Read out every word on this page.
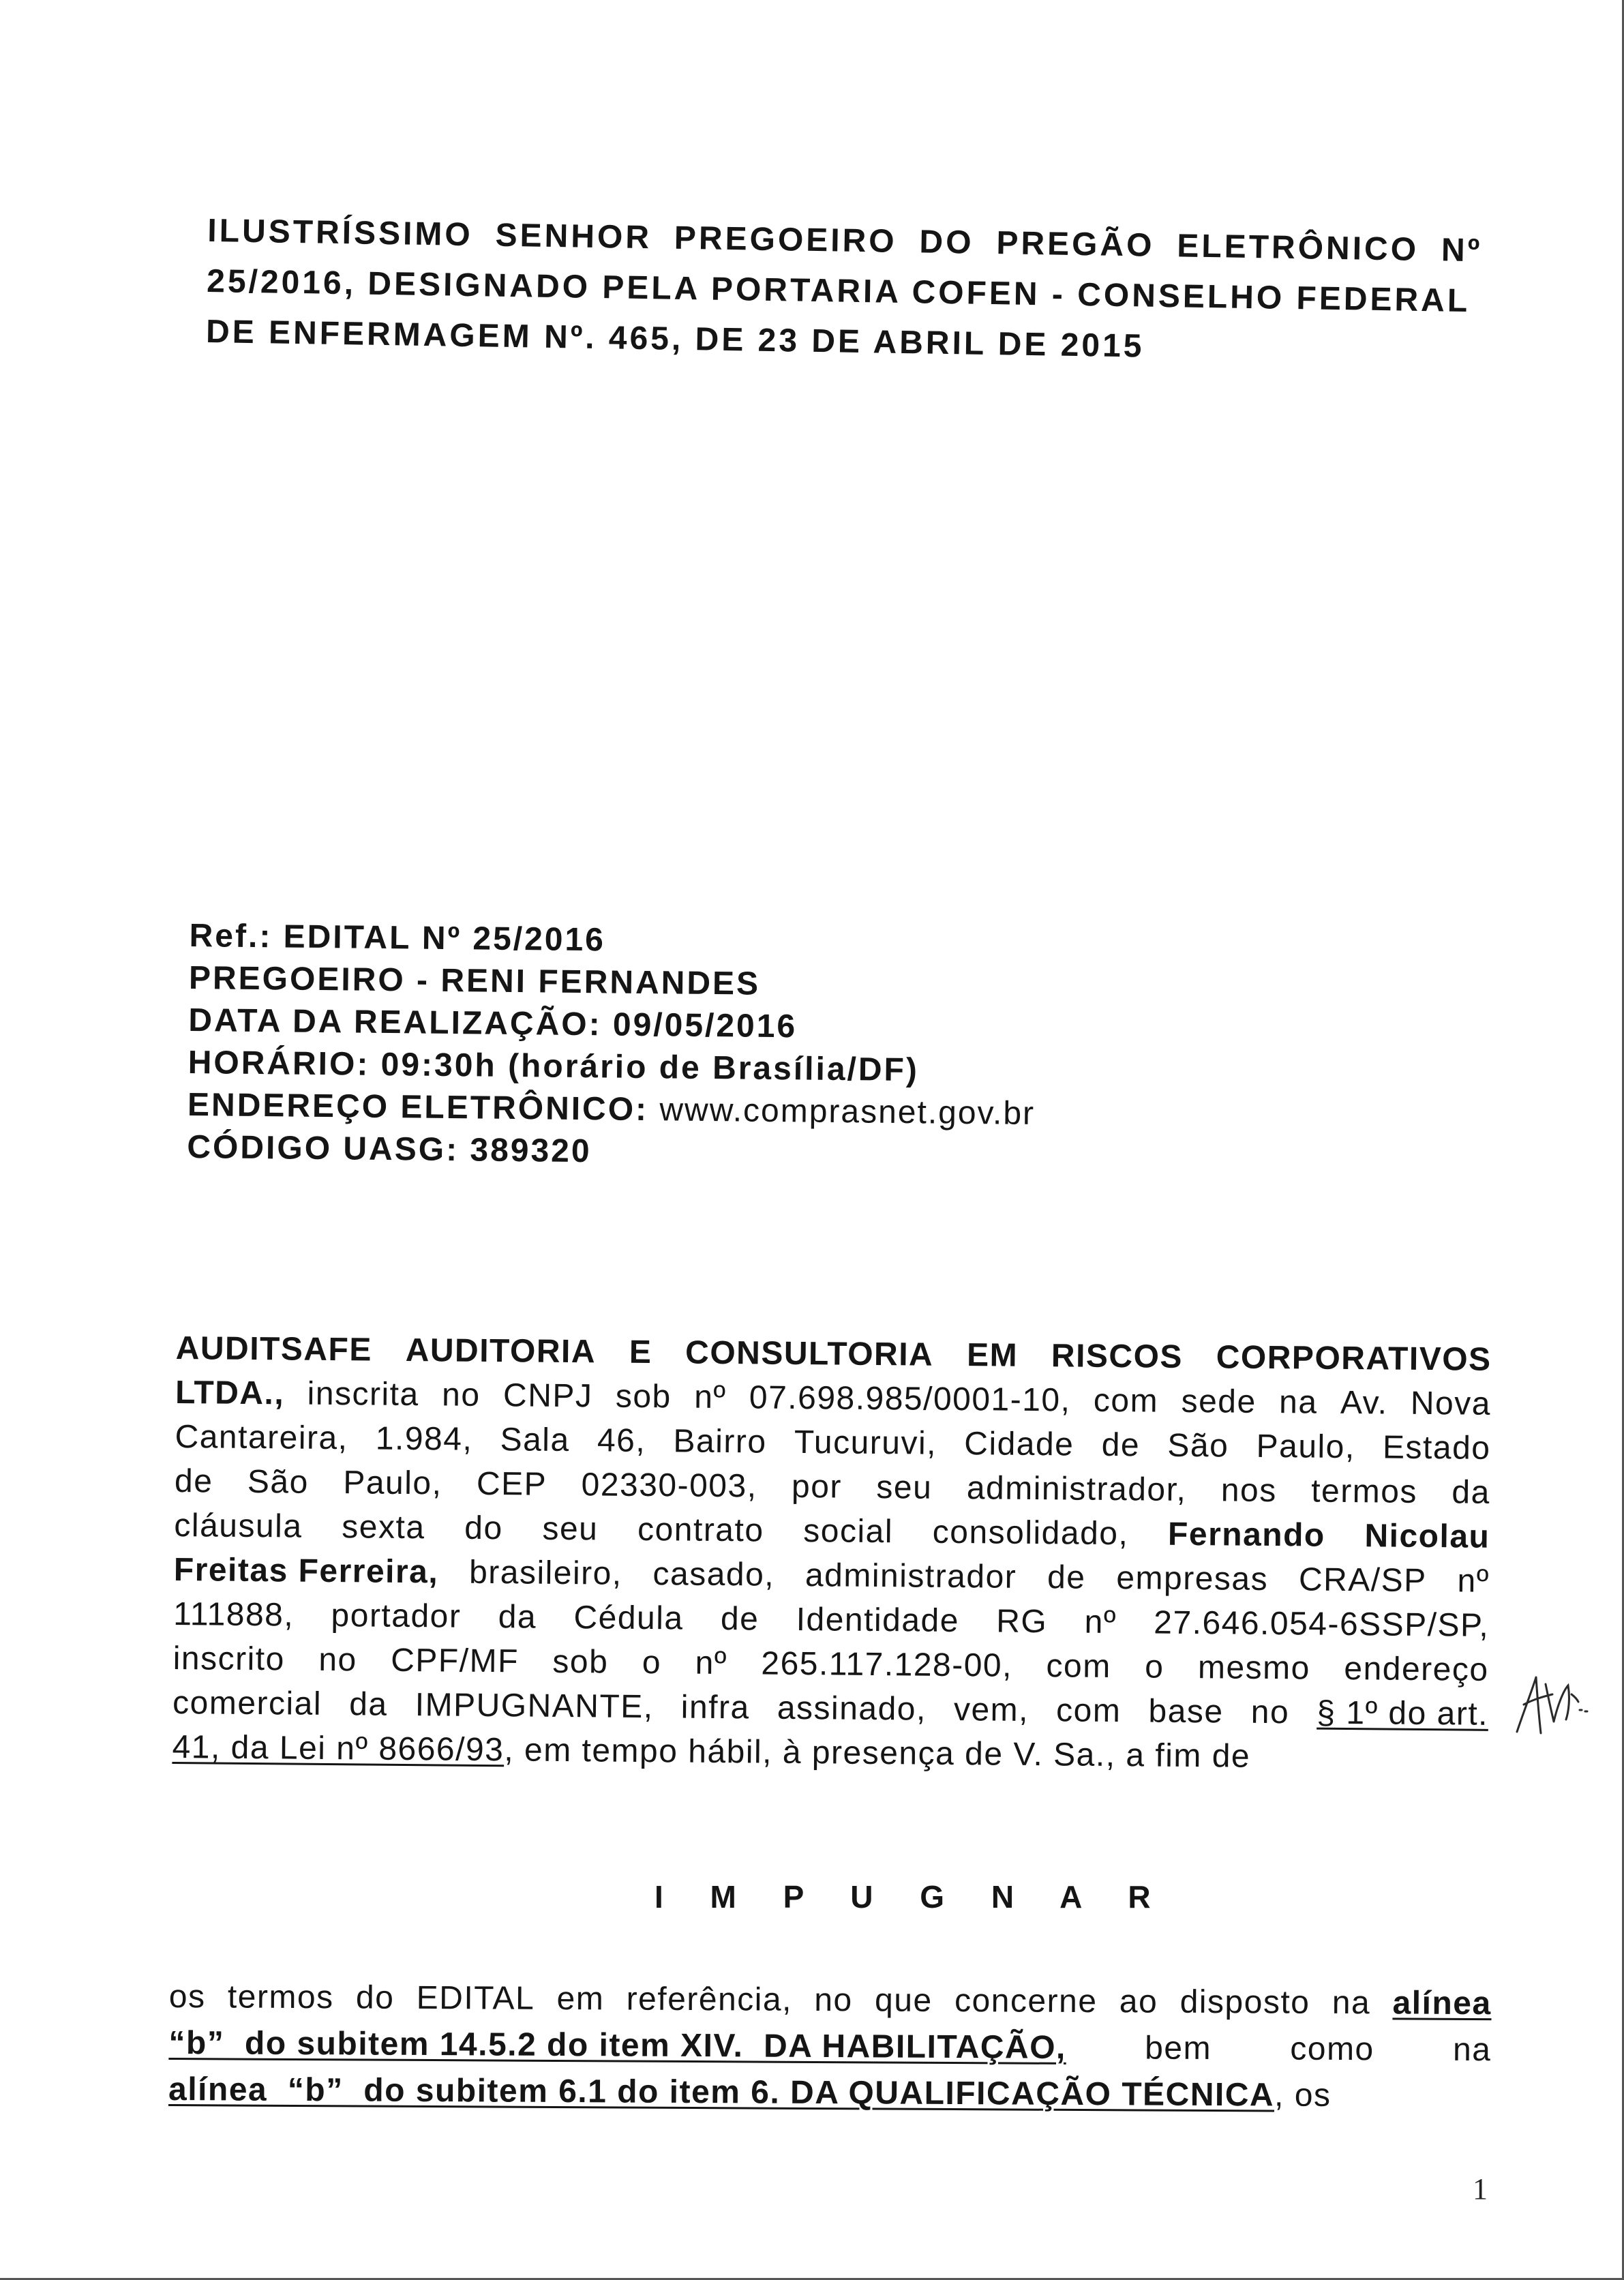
ILUSTRÍSSIMO SENHOR PREGOEIRO DO PREGÃO ELETRÔNICO Nº
25/2016, DESIGNADO PELA PORTARIA COFEN - CONSELHO FEDERAL
DE ENFERMAGEM Nº. 465, DE 23 DE ABRIL DE 2015
Ref.: EDITAL Nº 25/2016
PREGOEIRO - RENI FERNANDES
DATA DA REALIZAÇÃO: 09/05/2016
HORÁRIO: 09:30h (horário de Brasília/DF)
ENDEREÇO ELETRÔNICO: www.comprasnet.gov.br
CÓDIGO UASG: 389320
AUDITSAFE AUDITORIA E CONSULTORIA EM RISCOS CORPORATIVOS
LTDA., inscrita no CNPJ sob nº 07.698.985/0001-10, com sede na Av. Nova
Cantareira, 1.984, Sala 46, Bairro Tucuruvi, Cidade de São Paulo, Estado
de São Paulo, CEP 02330-003, por seu administrador, nos termos da
cláusula sexta do seu contrato social consolidado, Fernando Nicolau
Freitas Ferreira, brasileiro, casado, administrador de empresas CRA/SP nº
111888, portador da Cédula de Identidade RG nº 27.646.054-6SSP/SP,
inscrito no CPF/MF sob o nº 265.117.128-00, com o mesmo endereço
comercial da IMPUGNANTE, infra assinado, vem, com base no § 1º do art.
41, da Lei nº 8666/93, em tempo hábil, à presença de V. Sa., a fim de
I M P U G N A R
os termos do EDITAL em referência, no que concerne ao disposto na alínea
“b”  do subitem 14.5.2 do item XIV.  DA HABILITAÇÃO, bem como na
alínea  “b”  do subitem 6.1 do item 6. DA QUALIFICAÇÃO TÉCNICA , os
1
